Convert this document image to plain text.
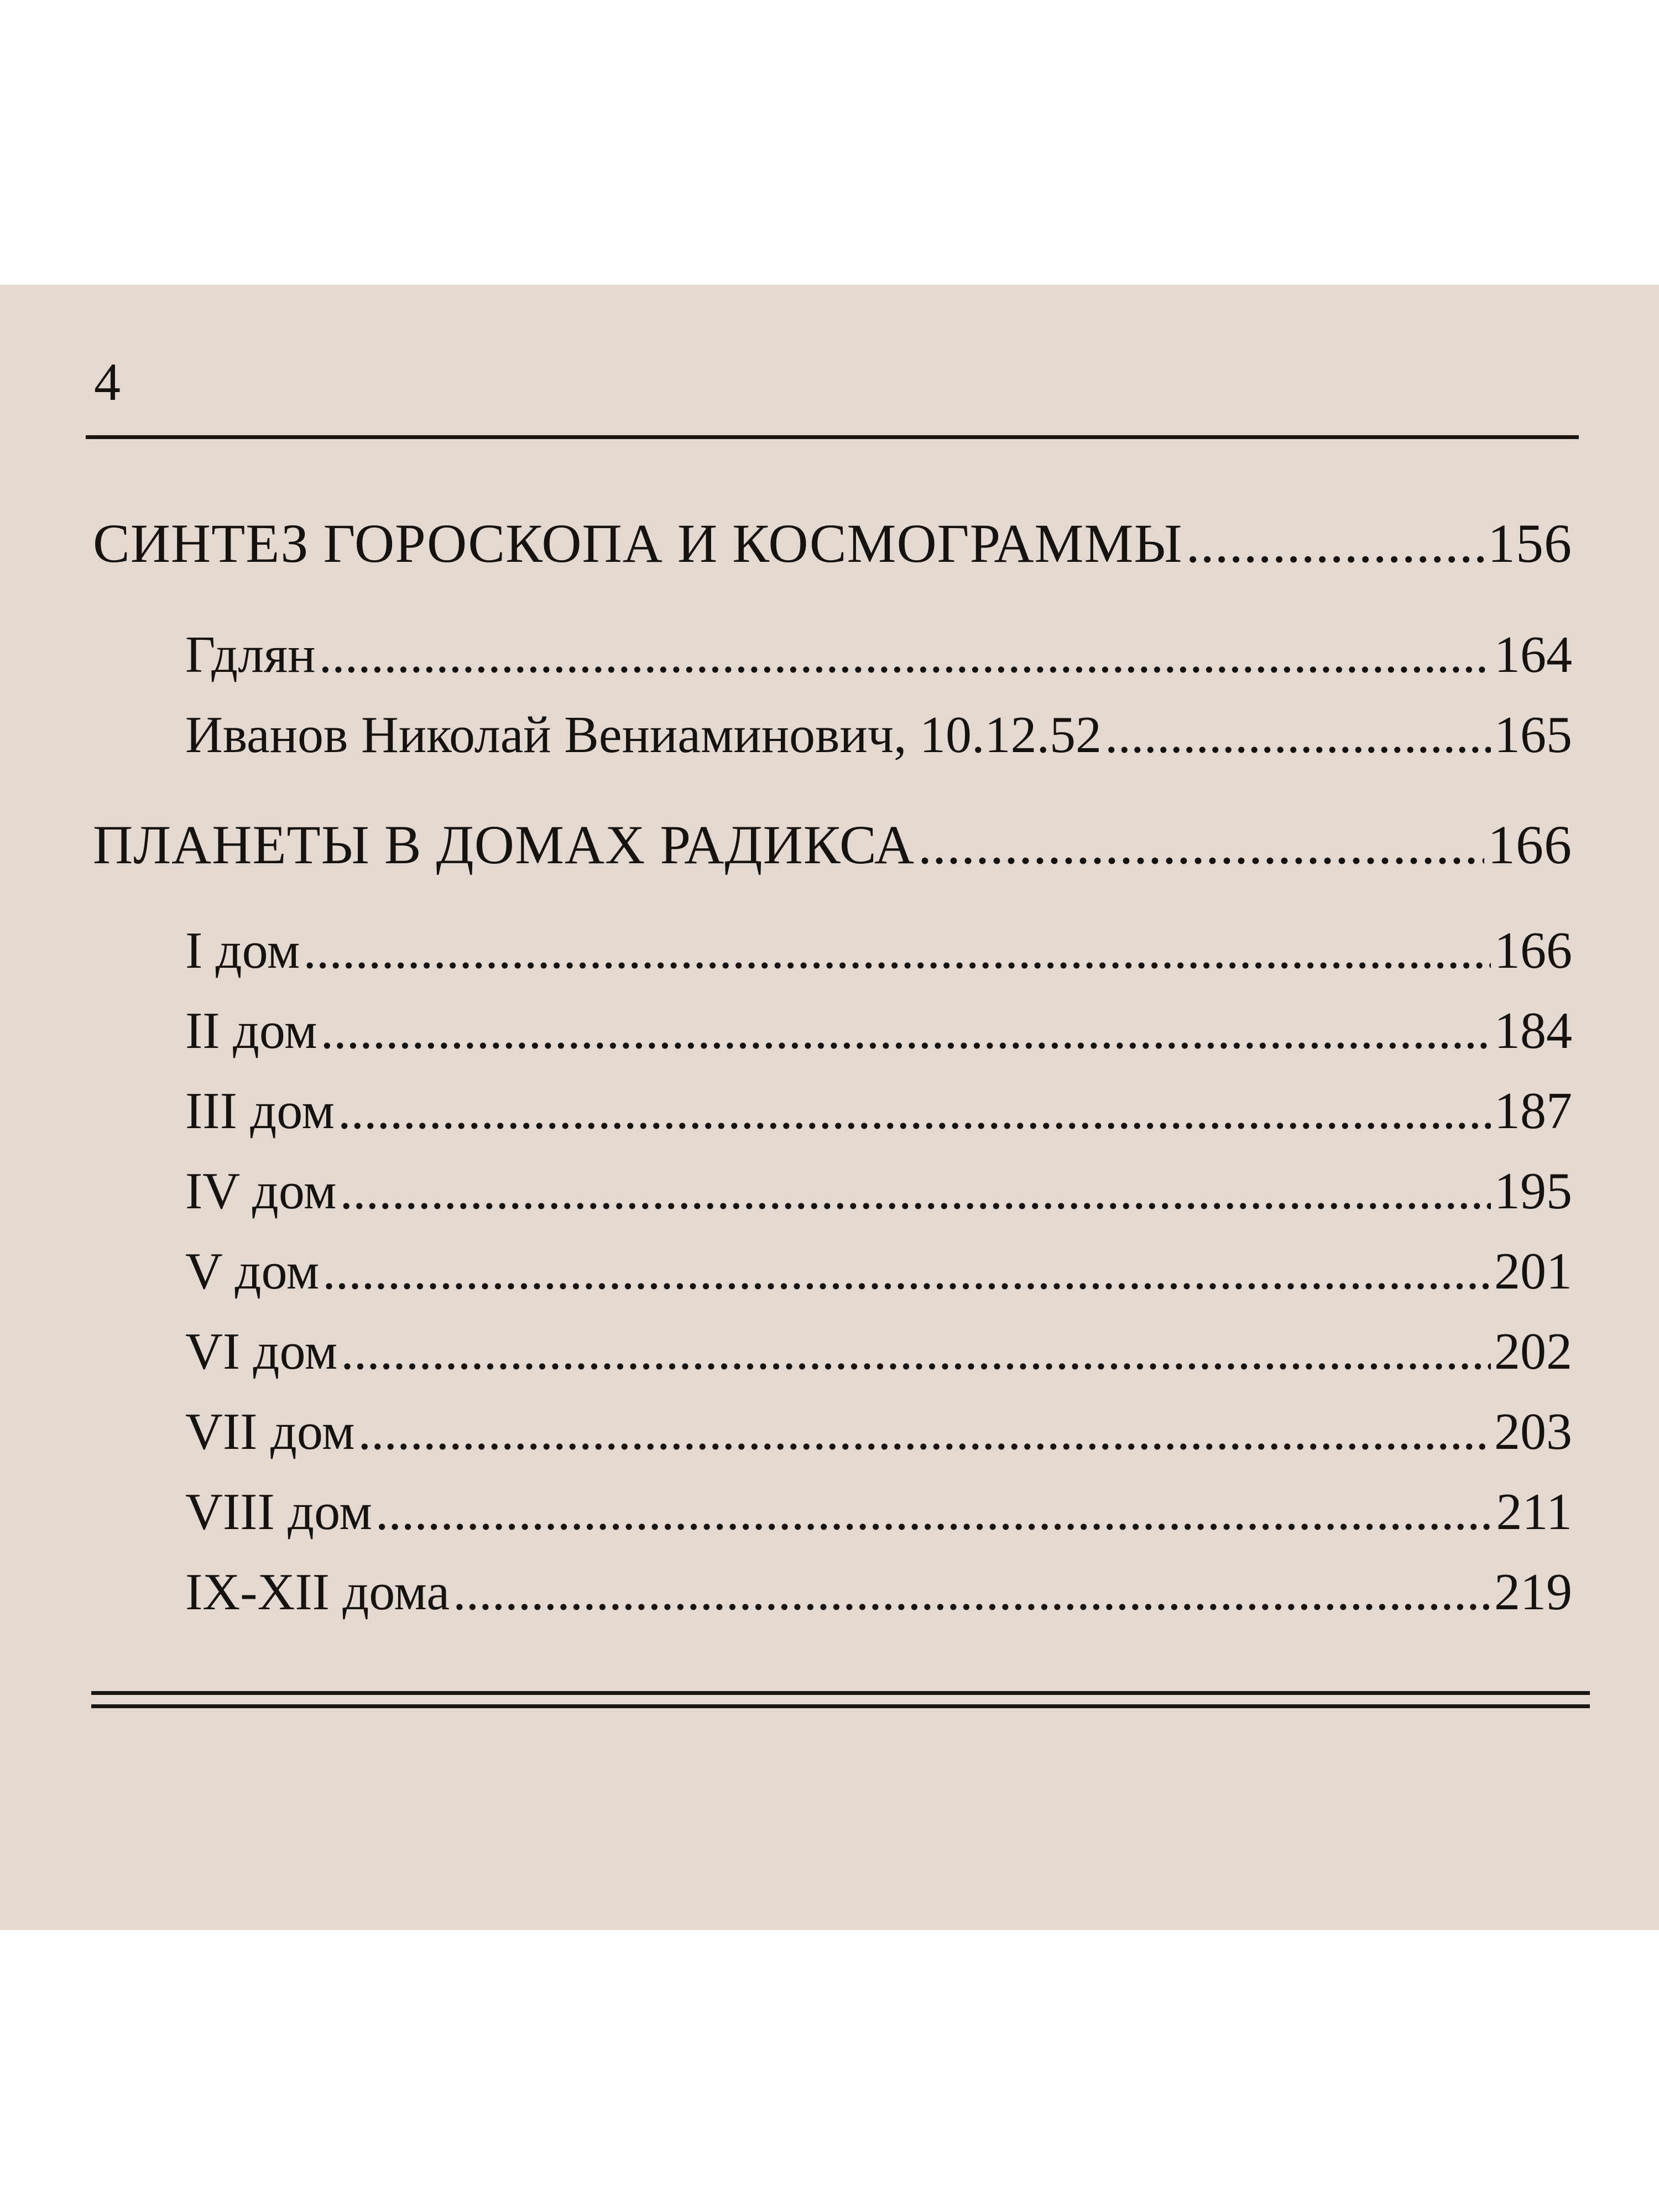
4
СИНТЕЗ ГОРОСКОПА И КОСМОГРАММЫ .....	156
Гдлян .....	164
Иванов Николай Вениаминович, 10.12.52 .....	165
ПЛАНЕТЫ В ДОМАХ РАДИКСА .....	166
I дом .....	166
II дом .....	184
III дом .....	187
IV дом .....	195
V дом .....	201
VI дом .....	202
VII дом .....	203
VIII дом .....	211
IX-XII дома .....	219
